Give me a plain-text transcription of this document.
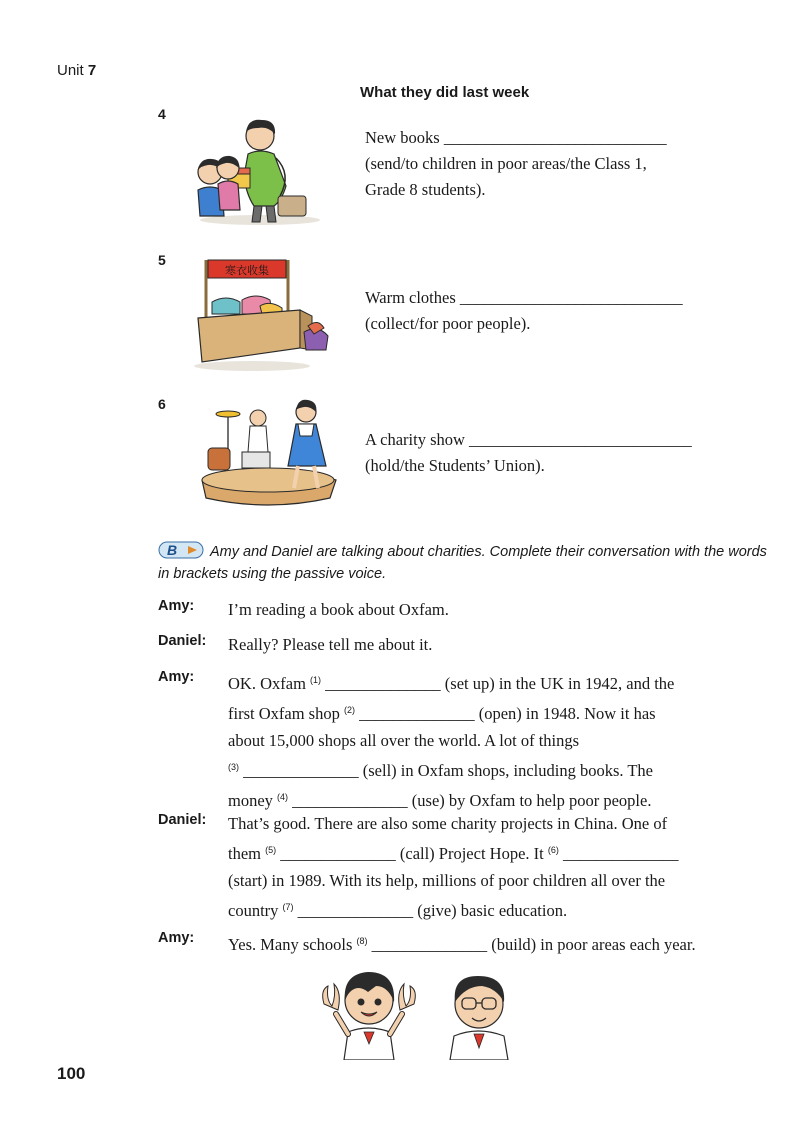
Unit 7
What they did last week
4
New books ___________________________
(send/to children in poor areas/the Class 1,
Grade 8 students).
5
寒衣收集
Warm clothes ___________________________
(collect/for poor people).
6
A charity show ___________________________
(hold/the Students’ Union).
B Amy and Daniel are talking about charities. Complete their conversation with the words in brackets using the passive voice.
Amy: I’m reading a book about Oxfam.
Daniel: Really? Please tell me about it.
Amy: OK. Oxfam $^{(1)}$ ______________ (set up) in the UK in 1942, and the
first Oxfam shop $^{(2)}$ ______________ (open) in 1948. Now it has
about 15,000 shops all over the world. A lot of things
$^{(3)}$ ______________ (sell) in Oxfam shops, including books. The
money $^{(4)}$ ______________ (use) by Oxfam to help poor people.
Daniel: That’s good. There are also some charity projects in China. One of
them $^{(5)}$ ______________ (call) Project Hope. It $^{(6)}$ ______________
(start) in 1989. With its help, millions of poor children all over the
country $^{(7)}$ ______________ (give) basic education.
Amy: Yes. Many schools $^{(8)}$ ______________ (build) in poor areas each year.
100
